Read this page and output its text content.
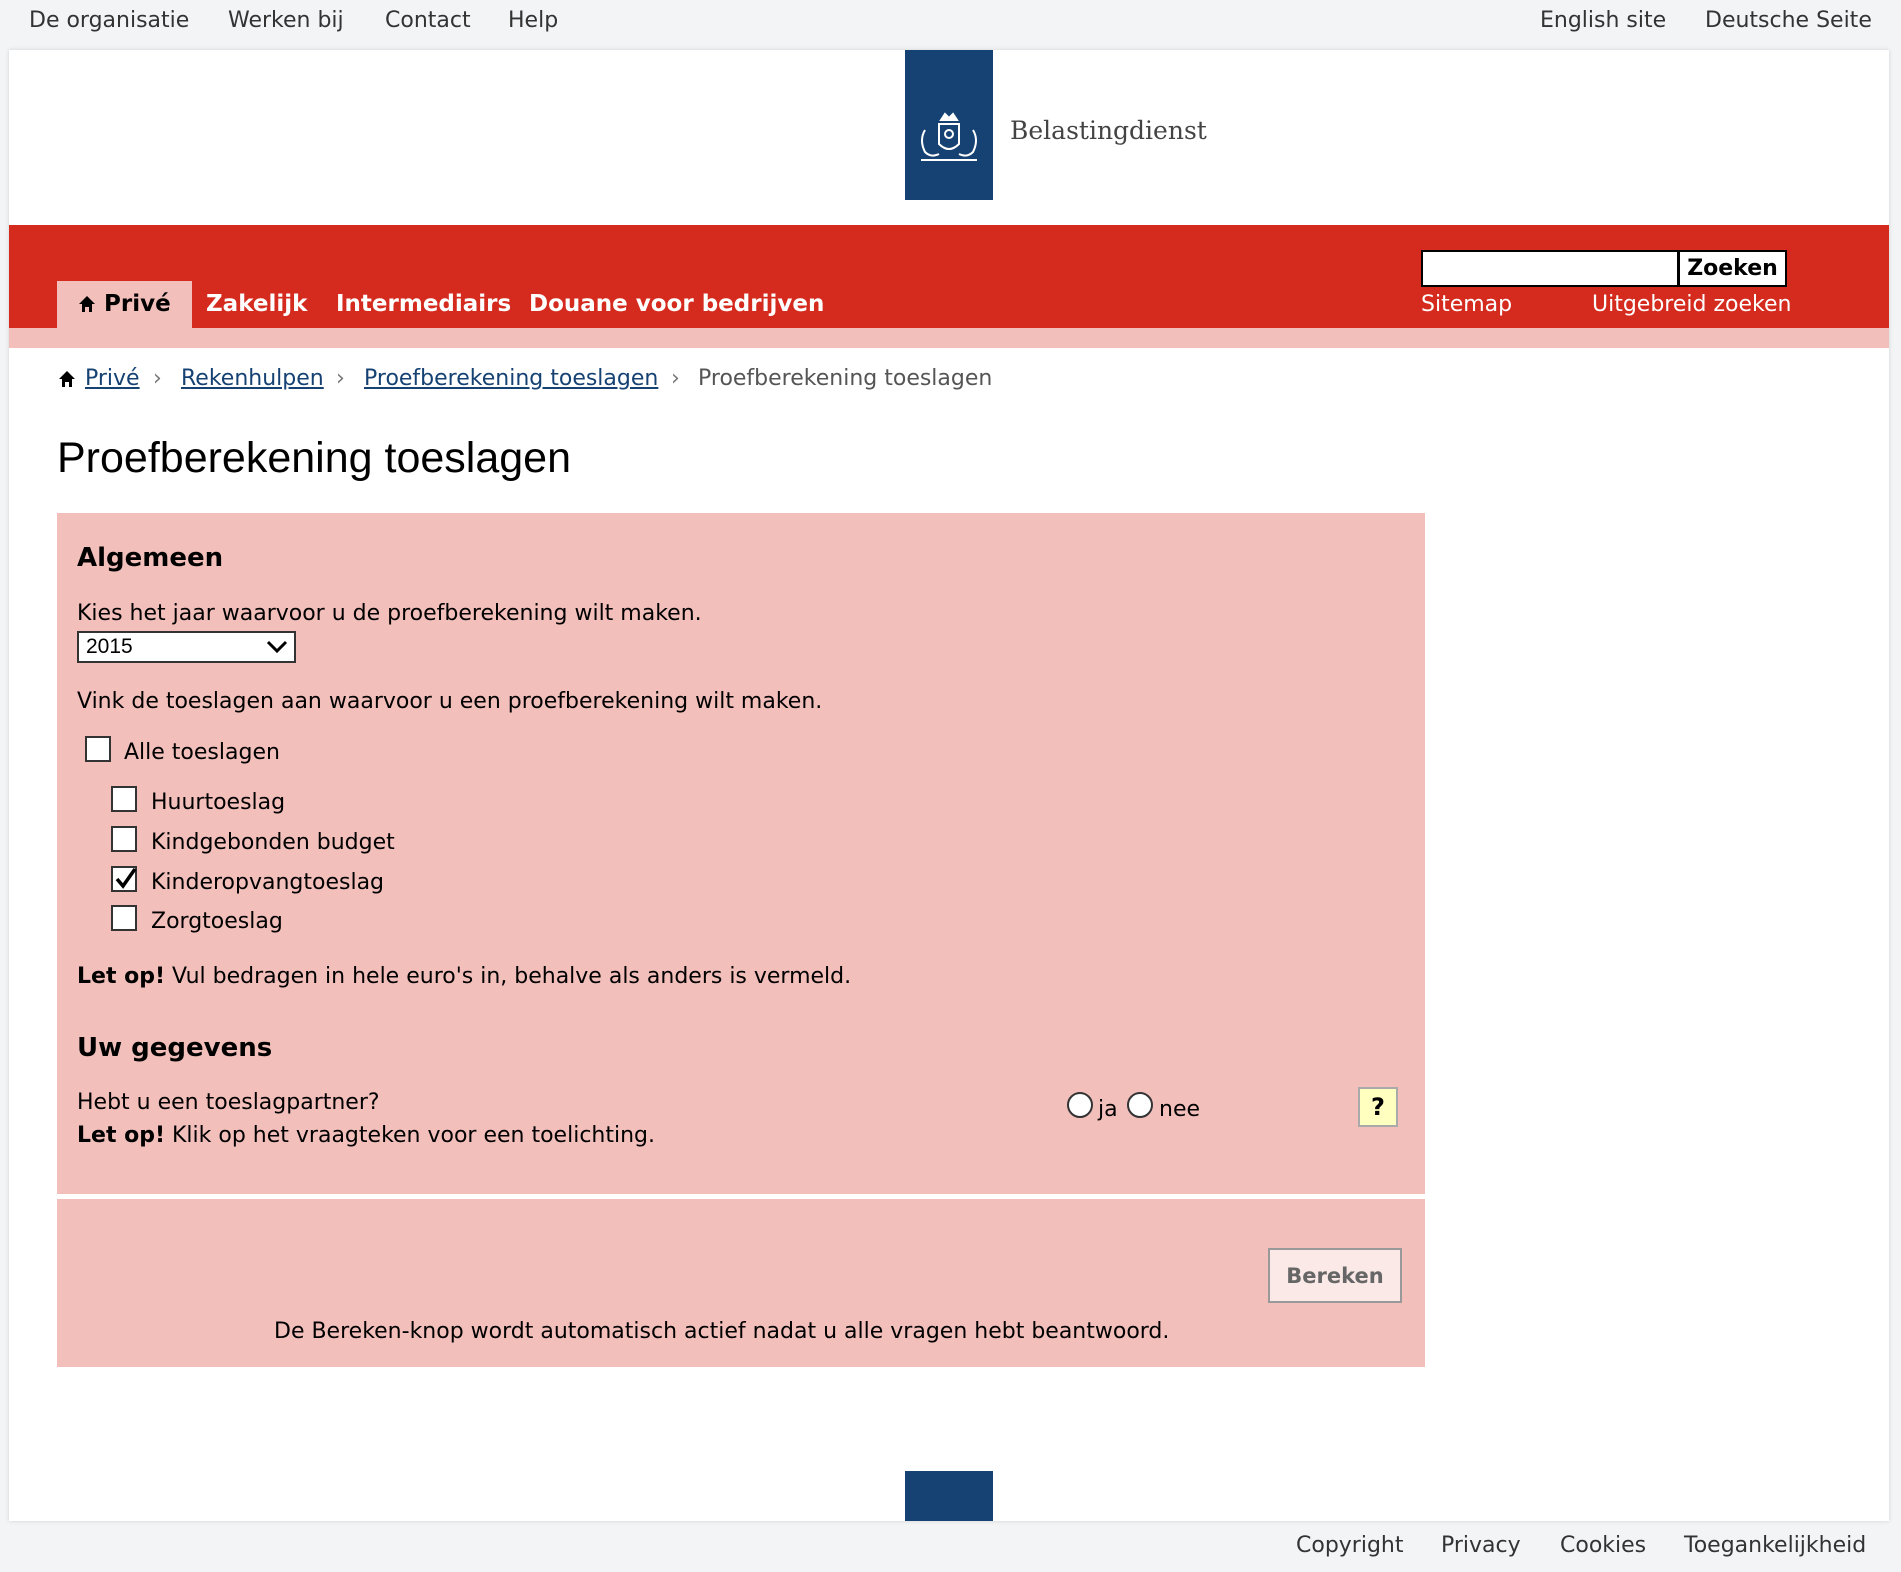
De organisatie Werken bij Contact Help	English site Deutsche Seite
Belastingdienst
Privé	Zakelijk	Intermediairs Douane voor bedrijven
Zoeken
Sitemap	Uitgebreid zoeken
Privé › Rekenhulpen › Proefberekening toeslagen › Proefberekening toeslagen
Proefberekening toeslagen
Algemeen
Kies het jaar waarvoor u de proefberekening wilt maken.
2015
Vink de toeslagen aan waarvoor u een proefberekening wilt maken.
Alle toeslagen
Huurtoeslag
Kindgebonden budget
Kinderopvangtoeslag
Zorgtoeslag
Let op! Vul bedragen in hele euro's in, behalve als anders is vermeld.
Uw gegevens
Hebt u een toeslagpartner?
Let op! Klik op het vraagteken voor een toelichting.
ja nee	?
Bereken
De Bereken-knop wordt automatisch actief nadat u alle vragen hebt beantwoord.
Copyright Privacy Cookies Toegankelijkheid
